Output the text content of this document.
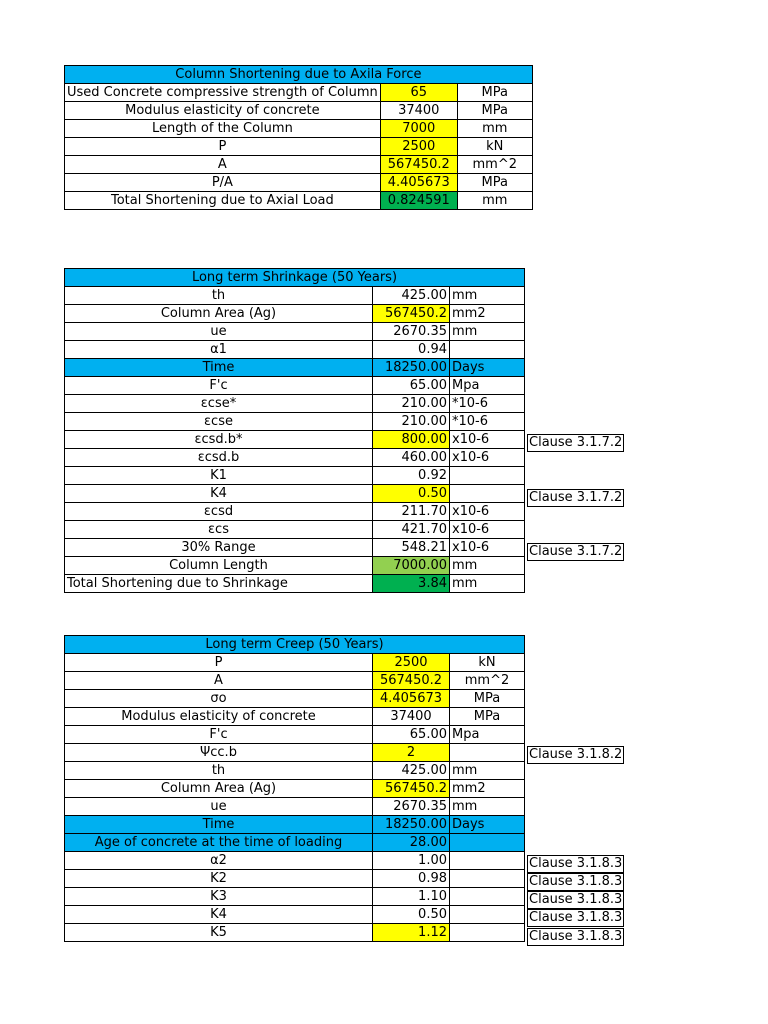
Column Shortening due to Axila Force		
Used Concrete compressive strength of Column	65	MPa
Modulus elasticity of concrete	37400	MPa
Length of the Column	7000	mm
P	2500	kN
A	567450.2	mm^2
P/A	4.405673	MPa
Total Shortening due to Axial Load	0.824591	mm
Long term Shrinkage (50 Years)		
th	425.00	mm
Column Area (Ag)	567450.2	mm2
ue	2670.35	mm
α1	0.94	
Time	18250.00	Days
F'c	65.00	Mpa
εcse*	210.00	*10-6
εcse	210.00	*10-6
εcsd.b*	800.00	x10-6
εcsd.b	460.00	x10-6
K1	0.92	
K4	0.50	
εcsd	211.70	x10-6
εcs	421.70	x10-6
30% Range	548.21	x10-6
Column Length	7000.00	mm
Total Shortening due to Shrinkage	3.84	mm
Clause 3.1.7.2
Clause 3.1.7.2
Clause 3.1.7.2
Long term Creep (50 Years)		
P	2500	kN
A	567450.2	mm^2
σo	4.405673	MPa
Modulus elasticity of concrete	37400	MPa
F'c	65.00	Mpa
Ψcc.b	2	
th	425.00	mm
Column Area (Ag)	567450.2	mm2
ue	2670.35	mm
Time	18250.00	Days
Age of concrete at the time of loading	28.00	
α2	1.00	
K2	0.98	
K3	1.10	
K4	0.50	
K5	1.12	
Clause 3.1.8.2
Clause 3.1.8.3
Clause 3.1.8.3
Clause 3.1.8.3
Clause 3.1.8.3
Clause 3.1.8.3
